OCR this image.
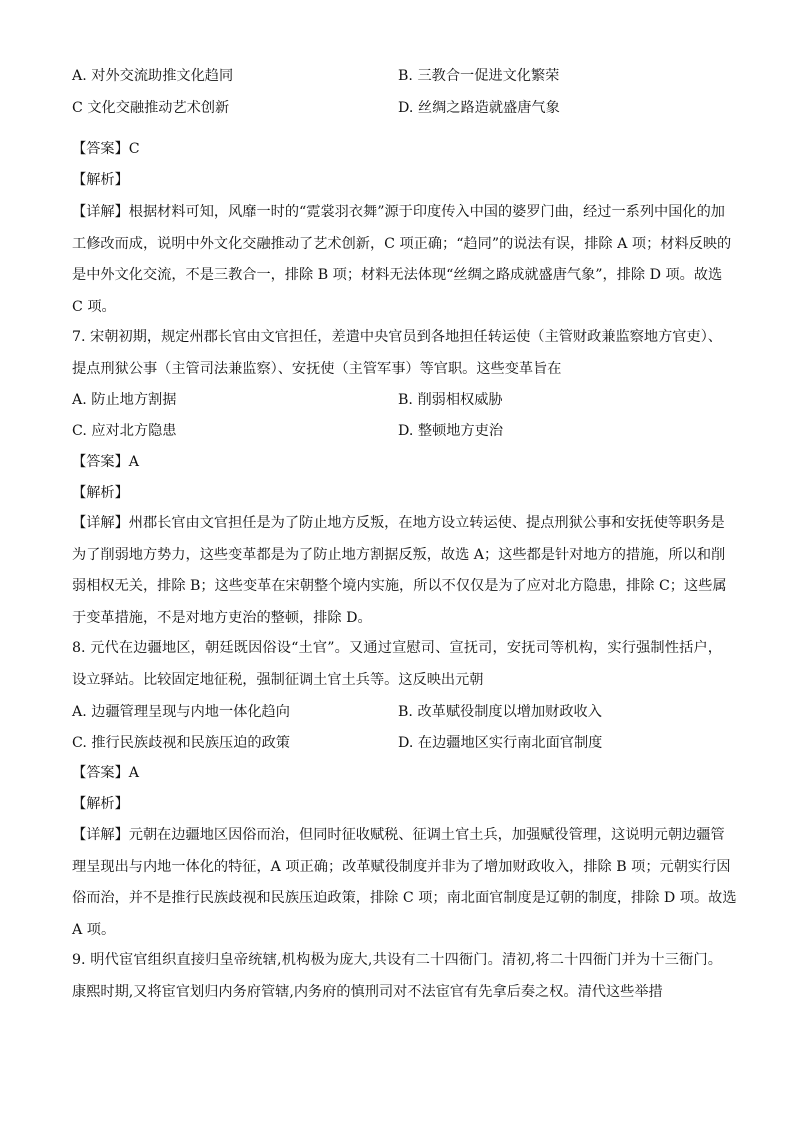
A. 对外交流助推文化趋同	B. 三教合一促进文化繁荣
C 文化交融推动艺术创新	D. 丝绸之路造就盛唐气象
【答案】C
【解析】
【详解】根据材料可知，风靡一时的“霓裳羽衣舞”源于印度传入中国的婆罗门曲，经过一系列中国化的加
工修改而成，说明中外文化交融推动了艺术创新，C 项正确；“趋同”的说法有误，排除 A 项；材料反映的
是中外文化交流，不是三教合一，排除 B 项；材料无法体现“丝绸之路成就盛唐气象”，排除 D 项。故选
C 项。
7. 宋朝初期，规定州郡长官由文官担任，差遣中央官员到各地担任转运使（主管财政兼监察地方官吏）、
提点刑狱公事（主管司法兼监察）、安抚使（主管军事）等官职。这些变革旨在
A. 防止地方割据	B. 削弱相权威胁
C. 应对北方隐患	D. 整顿地方吏治
【答案】A
【解析】
【详解】州郡长官由文官担任是为了防止地方反叛，在地方设立转运使、提点刑狱公事和安抚使等职务是
为了削弱地方势力，这些变革都是为了防止地方割据反叛，故选 A；这些都是针对地方的措施，所以和削
弱相权无关，排除 B；这些变革在宋朝整个境内实施，所以不仅仅是为了应对北方隐患，排除 C；这些属
于变革措施，不是对地方吏治的整顿，排除 D。
8. 元代在边疆地区，朝廷既因俗设“土官”。又通过宣慰司、宣抚司，安抚司等机构，实行强制性括户，
设立驿站。比较固定地征税，强制征调土官土兵等。这反映出元朝
A. 边疆管理呈现与内地一体化趋向	B. 改革赋役制度以增加财政收入
C. 推行民族歧视和民族压迫的政策	D. 在边疆地区实行南北面官制度
【答案】A
【解析】
【详解】元朝在边疆地区因俗而治，但同时征收赋税、征调土官土兵，加强赋役管理，这说明元朝边疆管
理呈现出与内地一体化的特征，A 项正确；改革赋役制度并非为了增加财政收入，排除 B 项；元朝实行因
俗而治，并不是推行民族歧视和民族压迫政策，排除 C 项；南北面官制度是辽朝的制度，排除 D 项。故选
A 项。
9. 明代宦官组织直接归皇帝统辖,机构极为庞大,共设有二十四衙门。清初,将二十四衙门并为十三衙门。
康熙时期,又将宦官划归内务府管辖,内务府的慎刑司对不法宦官有先拿后奏之权。清代这些举措
